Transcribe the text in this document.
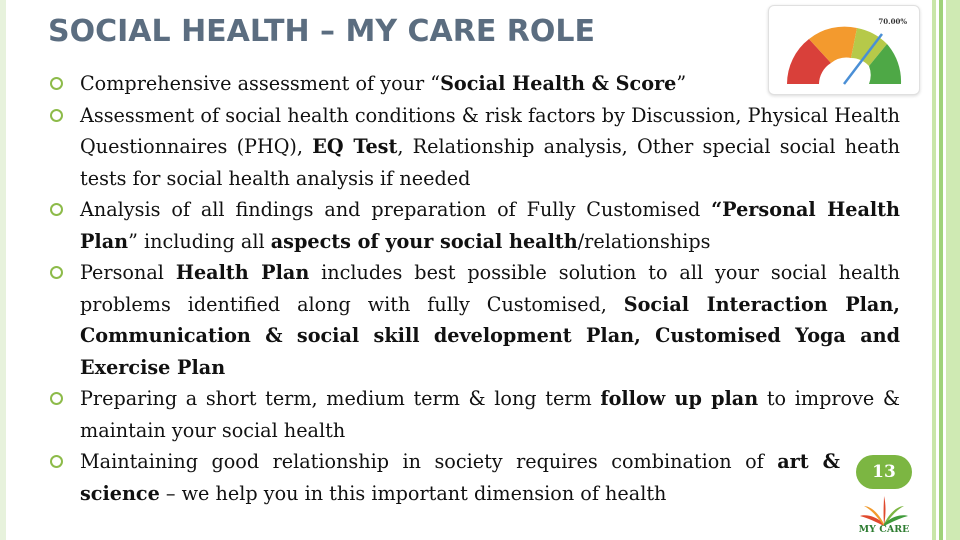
SOCIAL HEALTH – MY CARE ROLE	70.00%
Comprehensive assessment of your “Social Health & Score”
Assessment of social health conditions & risk factors by Discussion, Physical Health Questionnaires (PHQ), EQ Test, Relationship analysis, Other special social heath tests for social health analysis if needed
Analysis of all findings and preparation of Fully Customised “Personal Health Plan” including all aspects of your social health/relationships
Personal Health Plan includes best possible solution to all your social health problems identified along with fully Customised, Social Interaction Plan, Communication & social skill development Plan, Customised Yoga and Exercise Plan
Preparing a short term, medium term & long term follow up plan to improve & maintain your social health
Maintaining good relationship in society requires combination of art & science – we help you in this important dimension of health
13
MY CARE
